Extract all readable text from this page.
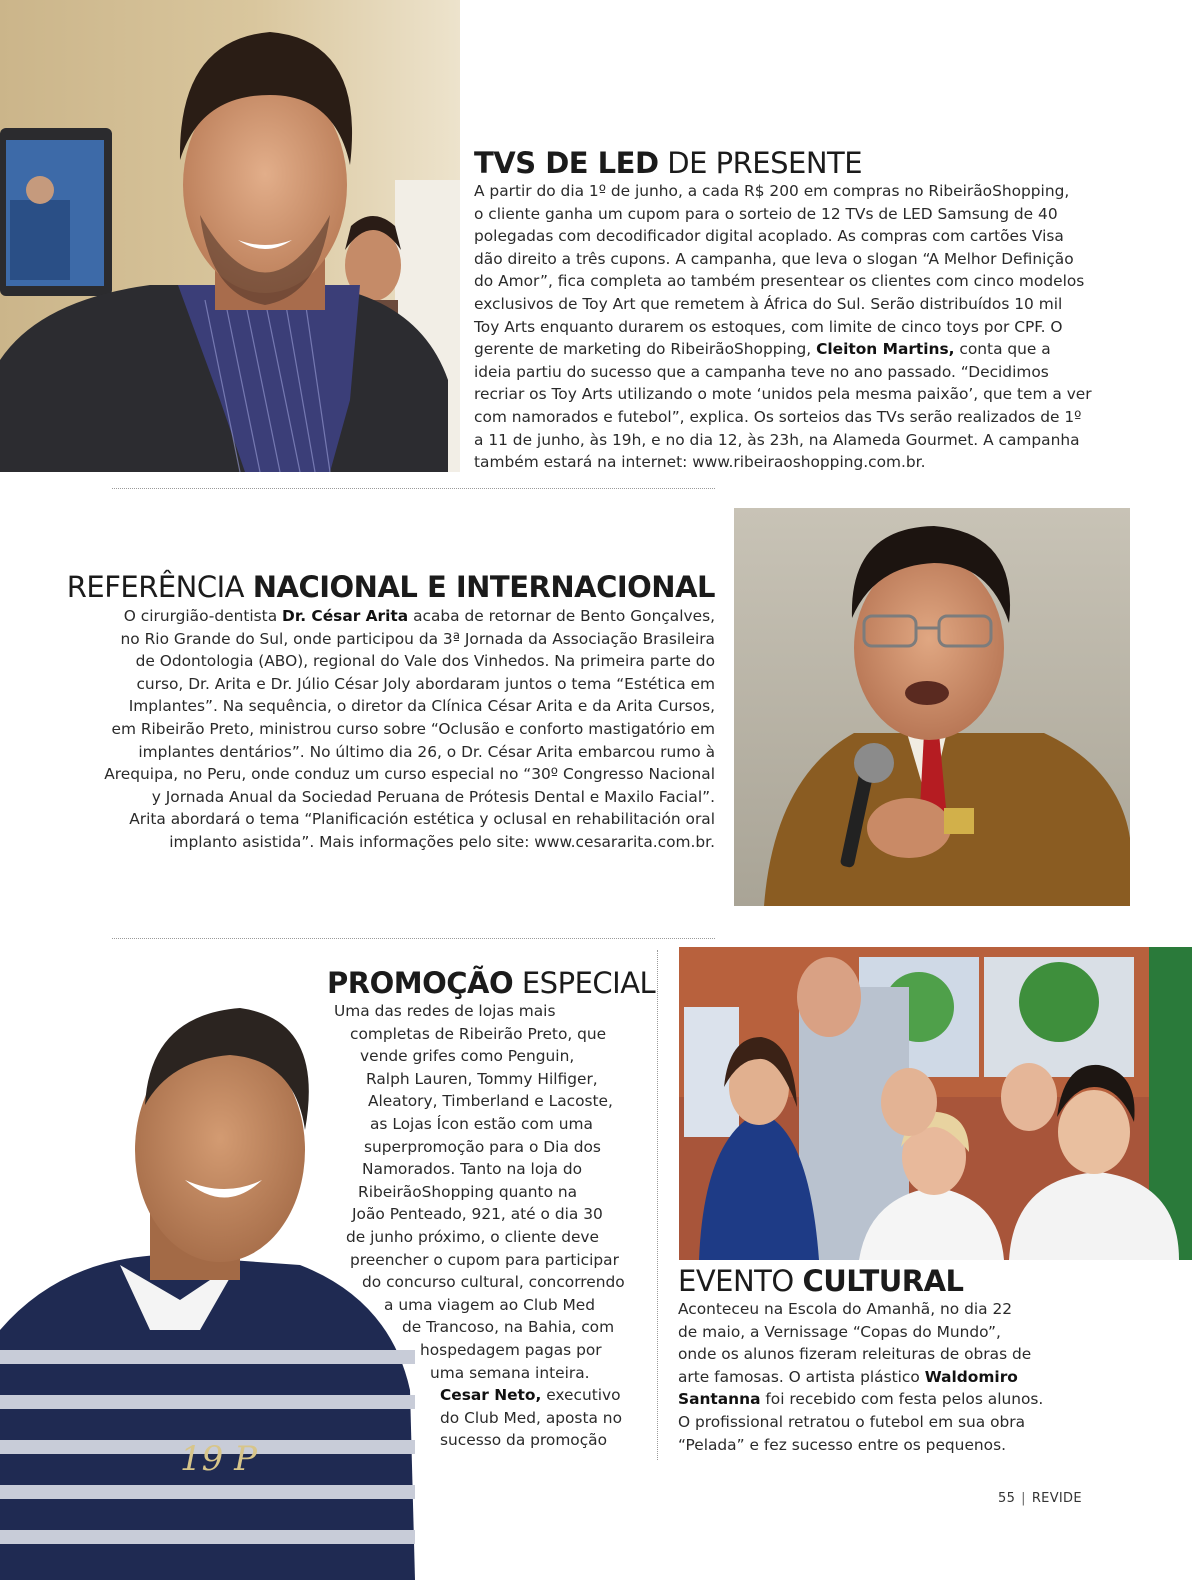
TVS DE LED DE PRESENTE
A partir do dia 1º de junho, a cada R$ 200 em compras no RibeirãoShopping,
o cliente ganha um cupom para o sorteio de 12 TVs de LED Samsung de 40
polegadas com decodificador digital acoplado. As compras com cartões Visa
dão direito a três cupons. A campanha, que leva o slogan “A Melhor Definição
do Amor”, fica completa ao também presentear os clientes com cinco modelos
exclusivos de Toy Art que remetem à África do Sul. Serão distribuídos 10 mil
Toy Arts enquanto durarem os estoques, com limite de cinco toys por CPF. O
gerente de marketing do RibeirãoShopping, Cleiton Martins, conta que a
ideia partiu do sucesso que a campanha teve no ano passado. “Decidimos
recriar os Toy Arts utilizando o mote ‘unidos pela mesma paixão’, que tem a ver
com namorados e futebol”, explica. Os sorteios das TVs serão realizados de 1º
a 11 de junho, às 19h, e no dia 12, às 23h, na Alameda Gourmet. A campanha
também estará na internet: www.ribeiraoshopping.com.br.
REFERÊNCIA NACIONAL E INTERNACIONAL
O cirurgião-dentista Dr. César Arita acaba de retornar de Bento Gonçalves,
no Rio Grande do Sul, onde participou da 3ª Jornada da Associação Brasileira
de Odontologia (ABO), regional do Vale dos Vinhedos. Na primeira parte do
curso, Dr. Arita e Dr. Júlio César Joly abordaram juntos o tema “Estética em
Implantes”. Na sequência, o diretor da Clínica César Arita e da Arita Cursos,
em Ribeirão Preto, ministrou curso sobre “Oclusão e conforto mastigatório em
implantes dentários”. No último dia 26, o Dr. César Arita embarcou rumo à
Arequipa, no Peru, onde conduz um curso especial no “30º Congresso Nacional
y Jornada Anual da Sociedad Peruana de Prótesis Dental e Maxilo Facial”.
Arita abordará o tema “Planificación estética y oclusal en rehabilitación oral
implanto asistida”. Mais informações pelo site: www.cesararita.com.br.
19 P
PROMOÇÃO ESPECIAL
Uma das redes de lojas mais
completas de Ribeirão Preto, que
vende grifes como Penguin,
Ralph Lauren, Tommy Hilfiger,
Aleatory, Timberland e Lacoste,
as Lojas Ícon estão com uma
superpromoção para o Dia dos
Namorados. Tanto na loja do
RibeirãoShopping quanto na
João Penteado, 921, até o dia 30
de junho próximo, o cliente deve
preencher o cupom para participar
do concurso cultural, concorrendo
a uma viagem ao Club Med
de Trancoso, na Bahia, com
hospedagem pagas por
uma semana inteira.
Cesar Neto, executivo
do Club Med, aposta no
sucesso da promoção
EVENTO CULTURAL
Aconteceu na Escola do Amanhã, no dia 22
de maio, a Vernissage “Copas do Mundo”,
onde os alunos fizeram releituras de obras de
arte famosas. O artista plástico Waldomiro
Santanna foi recebido com festa pelos alunos.
O profissional retratou o futebol em sua obra
“Pelada” e fez sucesso entre os pequenos.
55 | REVIDE
